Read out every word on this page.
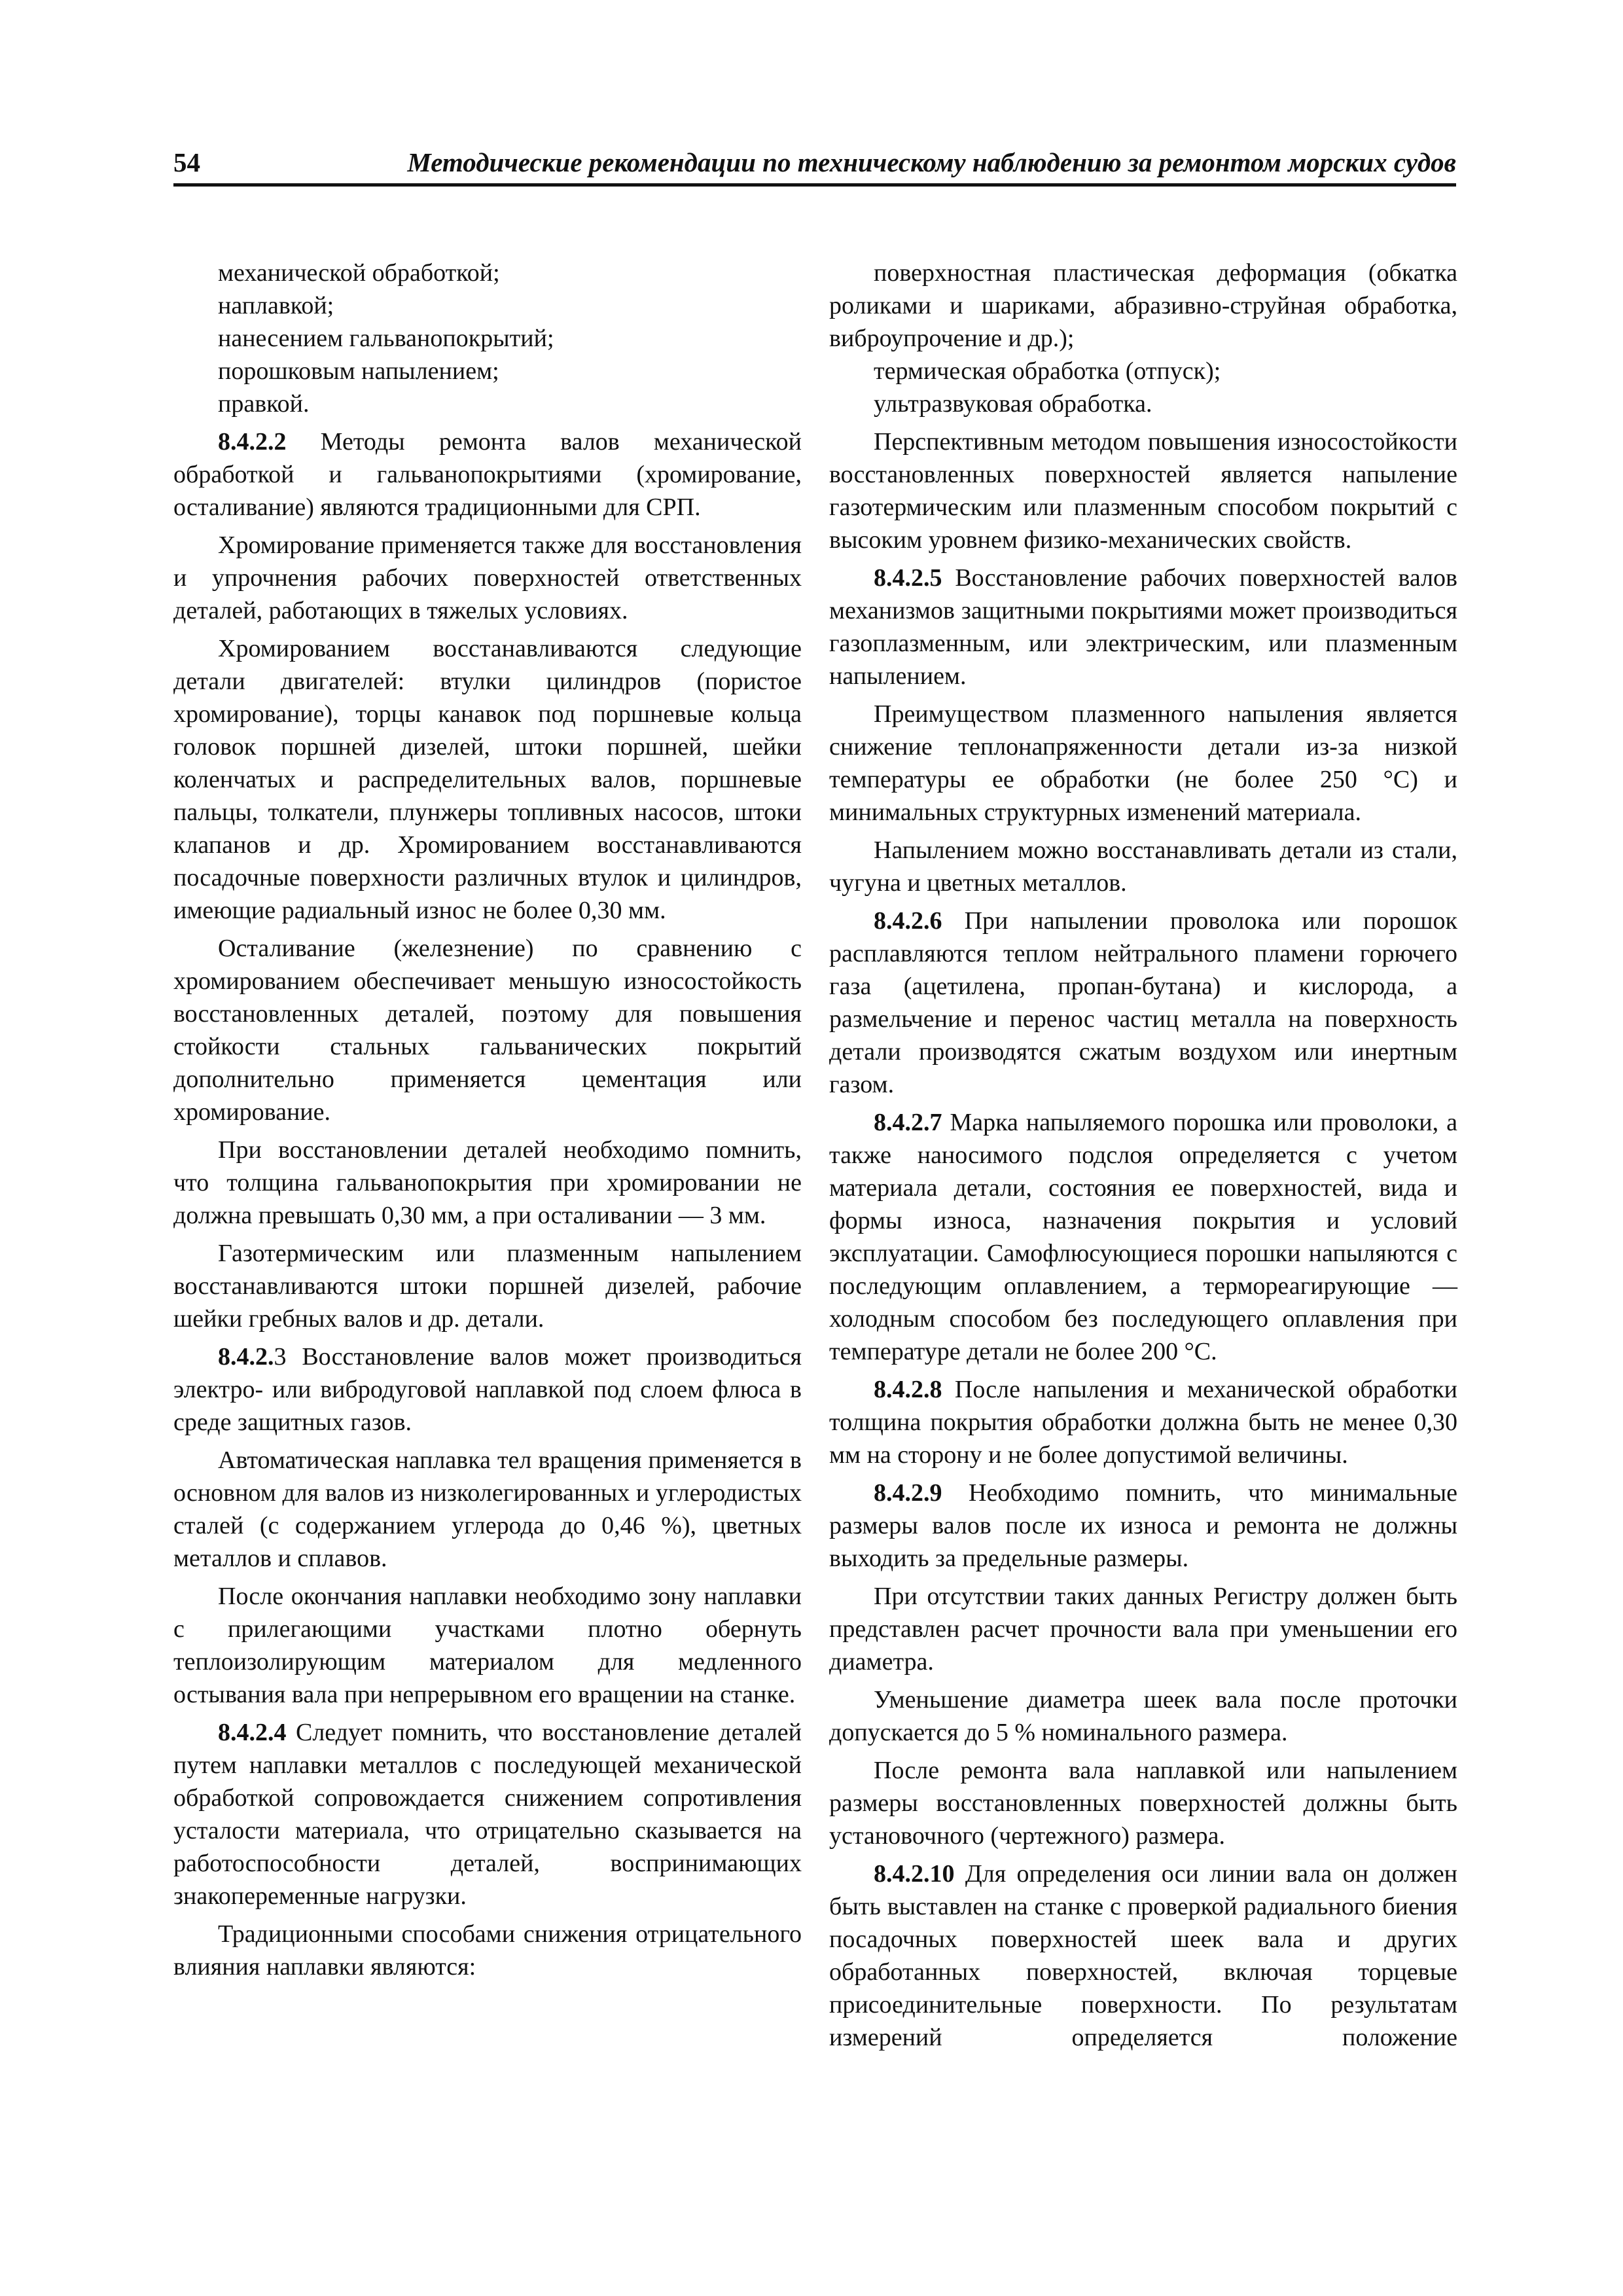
54	Методические рекомендации по техническому наблюдению за ремонтом морских судов

механической обработкой;

наплавкой;

нанесением гальванопокрытий;

порошковым напылением;

правкой.

8.4.2.2 Методы ремонта валов механической обработкой и гальванопокрытиями (хромирование, осталивание) являются традиционными для СРП.

Хромирование применяется также для восстановления и упрочнения рабочих поверхностей ответственных деталей, работающих в тяжелых условиях.

Хромированием восстанавливаются следующие детали двигателей: втулки цилиндров (пористое хромирование), торцы канавок под поршневые кольца головок поршней дизелей, штоки поршней, шейки коленчатых и распределительных валов, поршневые пальцы, толкатели, плунжеры топливных насосов, штоки клапанов и др. Хромированием восстанавливаются посадочные поверхности различных втулок и цилиндров, имеющие радиальный износ не более 0,30 мм.

Осталивание (железнение) по сравнению с хромированием обеспечивает меньшую износостойкость восстановленных деталей, поэтому для повышения стойкости стальных гальванических покрытий дополнительно применяется цементация или хромирование.

При восстановлении деталей необходимо помнить, что толщина гальванопокрытия при хромировании не должна превышать 0,30 мм, а при осталивании — 3 мм.

Газотермическим или плазменным напылением восстанавливаются штоки поршней дизелей, рабочие шейки гребных валов и др. детали.

8.4.2.3 Восстановление валов может производиться электро- или вибродуговой наплавкой под слоем флюса в среде защитных газов.

Автоматическая наплавка тел вращения применяется в основном для валов из низколегированных и углеродистых сталей (с содержанием углерода до 0,46 %), цветных металлов и сплавов.

После окончания наплавки необходимо зону наплавки с прилегающими участками плотно обернуть теплоизолирующим материалом для медленного остывания вала при непрерывном его вращении на станке.

8.4.2.4 Следует помнить, что восстановление деталей путем наплавки металлов с последующей механической обработкой сопровождается снижением сопротивления усталости материала, что отрицательно сказывается на работоспособности деталей, воспринимающих знакопеременные нагрузки.

Традиционными способами снижения отрицательного влияния наплавки являются:

поверхностная пластическая деформация (обкатка роликами и шариками, абразивно-струйная обработка, виброупрочение и др.);

термическая обработка (отпуск);

ультразвуковая обработка.

Перспективным методом повышения износостойкости восстановленных поверхностей является напыление газотермическим или плазменным способом покрытий с высоким уровнем физико-механических свойств.

8.4.2.5 Восстановление рабочих поверхностей валов механизмов защитными покрытиями может производиться газоплазменным, или электрическим, или плазменным напылением.

Преимуществом плазменного напыления является снижение теплонапряженности детали из-за низкой температуры ее обработки (не более 250 °С) и минимальных структурных изменений материала.

Напылением можно восстанавливать детали из стали, чугуна и цветных металлов.

8.4.2.6 При напылении проволока или порошок расплавляются теплом нейтрального пламени горючего газа (ацетилена, пропан-бутана) и кислорода, а размельчение и перенос частиц металла на поверхность детали производятся сжатым воздухом или инертным газом.

8.4.2.7 Марка напыляемого порошка или проволоки, а также наносимого подслоя определяется с учетом материала детали, состояния ее поверхностей, вида и формы износа, назначения покрытия и условий эксплуатации. Самофлюсующиеся порошки напыляются с последующим оплавлением, а термореагирующие — холодным способом без последующего оплавления при температуре детали не более 200 °С.

8.4.2.8 После напыления и механической обработки толщина покрытия обработки должна быть не менее 0,30 мм на сторону и не более допустимой величины.

8.4.2.9 Необходимо помнить, что минимальные размеры валов после их износа и ремонта не должны выходить за предельные размеры.

При отсутствии таких данных Регистру должен быть представлен расчет прочности вала при уменьшении его диаметра.

Уменьшение диаметра шеек вала после проточки допускается до 5 % номинального размера.

После ремонта вала наплавкой или напылением размеры восстановленных поверхностей должны быть установочного (чертежного) размера.

8.4.2.10 Для определения оси линии вала он должен быть выставлен на станке с проверкой радиального биения посадочных поверхностей шеек вала и других обработанных поверхностей, включая торцевые присоединительные поверхности. По результатам измерений определяется положение
